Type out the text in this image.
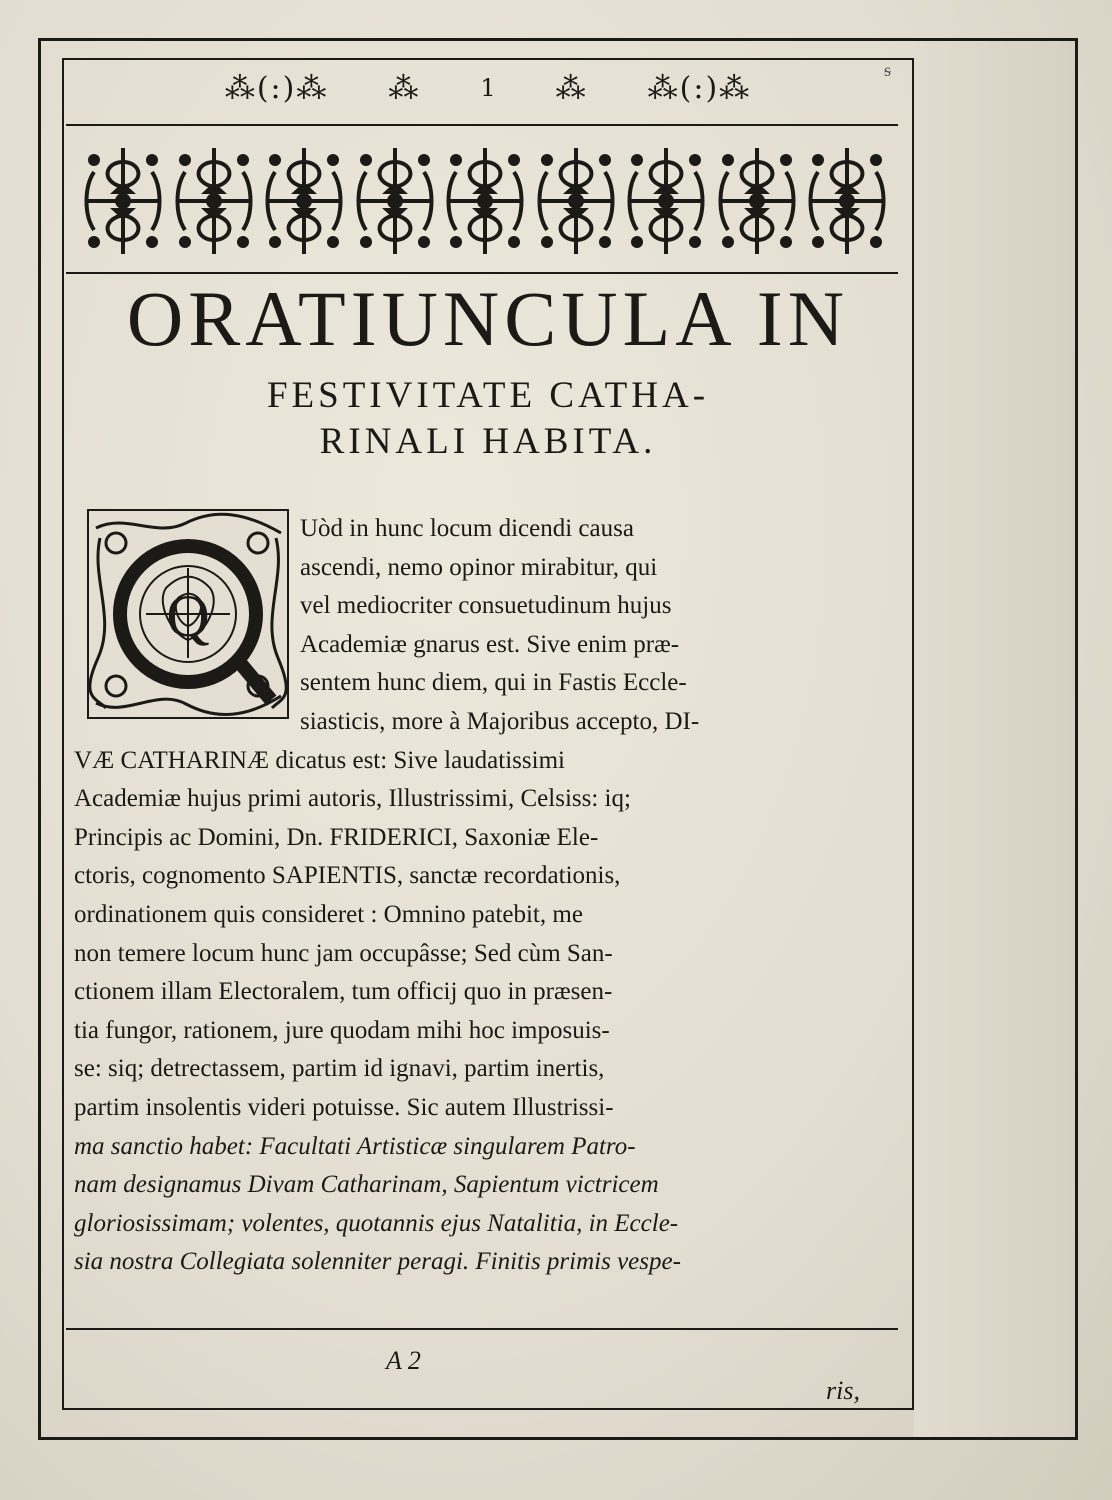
ᵴ
⁂(:)⁂ ⁂	1 ⁂ ⁂(:)⁂
ORATIUNCULA IN
FESTIVITATE CATHA-
RINALI HABITA.
Q
Uòd in hunc locum dicendi causa
ascendi, nemo opinor mirabitur, qui
vel mediocriter consuetudinum hujus
Academiæ gnarus est. Sive enim præ-
sentem hunc diem, qui in Fastis Eccle-
siasticis, more à Majoribus accepto, DI-
VÆ CATHARINÆ dicatus est: Sive laudatissimi
Academiæ hujus primi autoris, Illustrissimi, Celsiss: iq;
Principis ac Domini, Dn. FRIDERICI, Saxoniæ Ele-
ctoris, cognomento SAPIENTIS, sanctæ recordationis,
ordinationem quis consideret : Omnino patebit, me
non temere locum hunc jam occupâsse; Sed cùm San-
ctionem illam Electoralem, tum officij quo in præsen-
tia fungor, rationem, jure quodam mihi hoc imposuis-
se: siq; detrectassem, partim id ignavi, partim inertis,
partim insolentis videri potuisse. Sic autem Illustrissi-
ma sanctio habet: Facultati Artisticæ singularem Patro-
nam designamus Divam Catharinam, Sapientum victricem
gloriosissimam; volentes, quotannis ejus Natalitia, in Eccle-
sia nostra Collegiata solenniter peragi. Finitis primis vespe-
A 2
ris,
